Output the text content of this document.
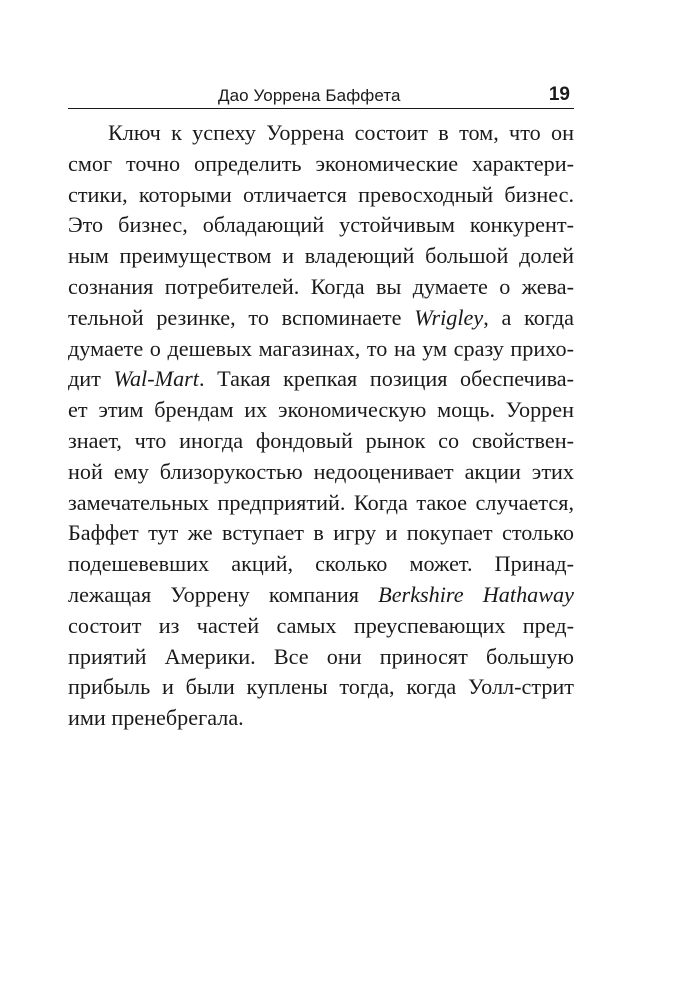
Дао Уоррена Баффета	19
Ключ к успеху Уоррена состоит в том, что он
смог точно определить экономические характери-
стики, которыми отличается превосходный бизнес.
Это бизнес, обладающий устойчивым конкурент-
ным преимуществом и владеющий большой долей
сознания потребителей. Когда вы думаете о жева-
тельной резинке, то вспоминаете Wrigley, а когда
думаете о дешевых магазинах, то на ум сразу прихо-
дит Wal-Mart. Такая крепкая позиция обеспечива-
ет этим брендам их экономическую мощь. Уоррен
знает, что иногда фондовый рынок со свойствен-
ной ему близорукостью недооценивает акции этих
замечательных предприятий. Когда такое случается,
Баффет тут же вступает в игру и покупает столько
подешевевших акций, сколько может. Принад-
лежащая Уоррену компания Berkshire Hathaway
состоит из частей самых преуспевающих пред-
приятий Америки. Все они приносят большую
прибыль и были куплены тогда, когда Уолл-стрит
ими пренебрегала.
